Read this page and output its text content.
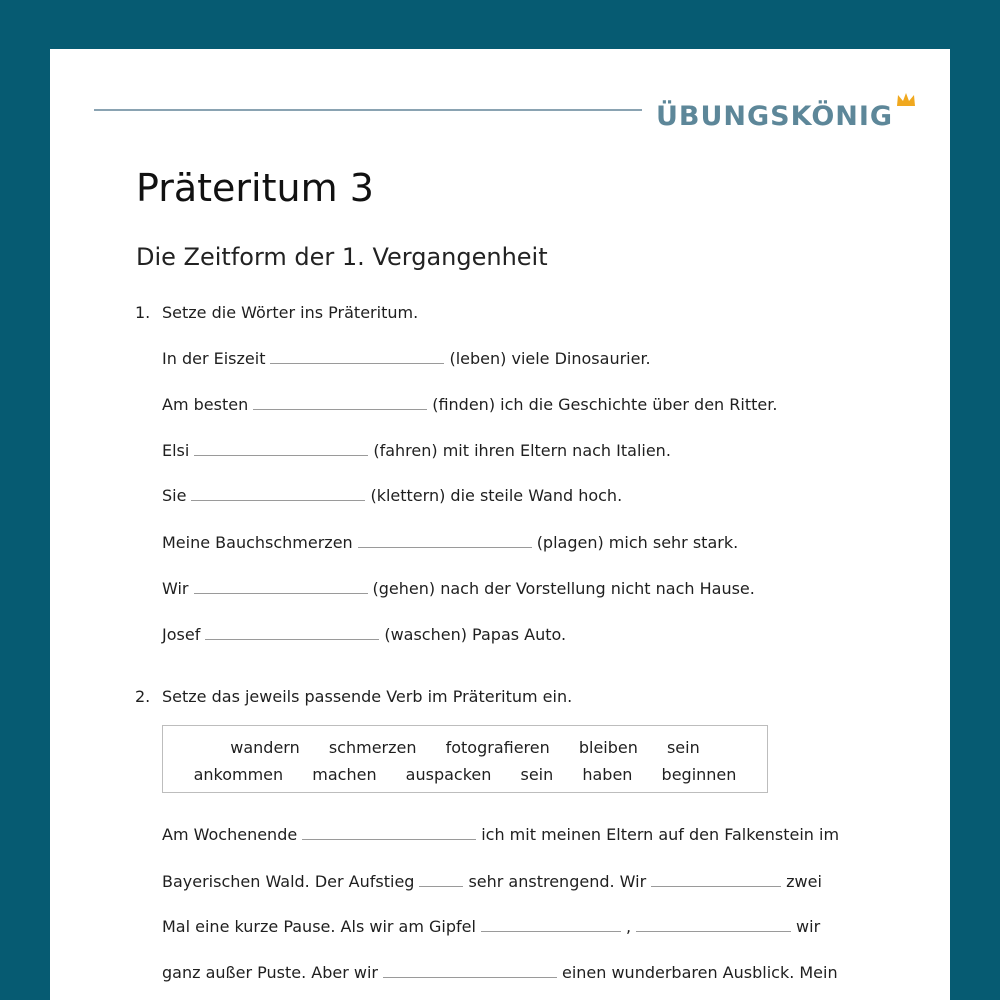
ÜBUNGSKÖNIG
Präteritum 3
Die Zeitform der 1. Vergangenheit
1. Setze die Wörter ins Präteritum.
In der Eiszeit	(leben) viele Dinosaurier.
Am besten	(finden) ich die Geschichte über den Ritter.
Elsi	(fahren) mit ihren Eltern nach Italien.
Sie	(klettern) die steile Wand hoch.
Meine Bauchschmerzen	(plagen) mich sehr stark.
Wir	(gehen) nach der Vorstellung nicht nach Hause.
Josef	(waschen) Papas Auto.
2. Setze das jeweils passende Verb im Präteritum ein.
wandern schmerzen fotografieren bleiben sein
ankommen machen auspacken sein haben beginnen
Am Wochenende	ich mit meinen Eltern auf den Falkenstein im
Bayerischen Wald. Der Aufstieg	sehr anstrengend. Wir	zwei
Mal eine kurze Pause. Als wir am Gipfel	,	wir
ganz außer Puste. Aber wir	einen wunderbaren Ausblick. Mein
